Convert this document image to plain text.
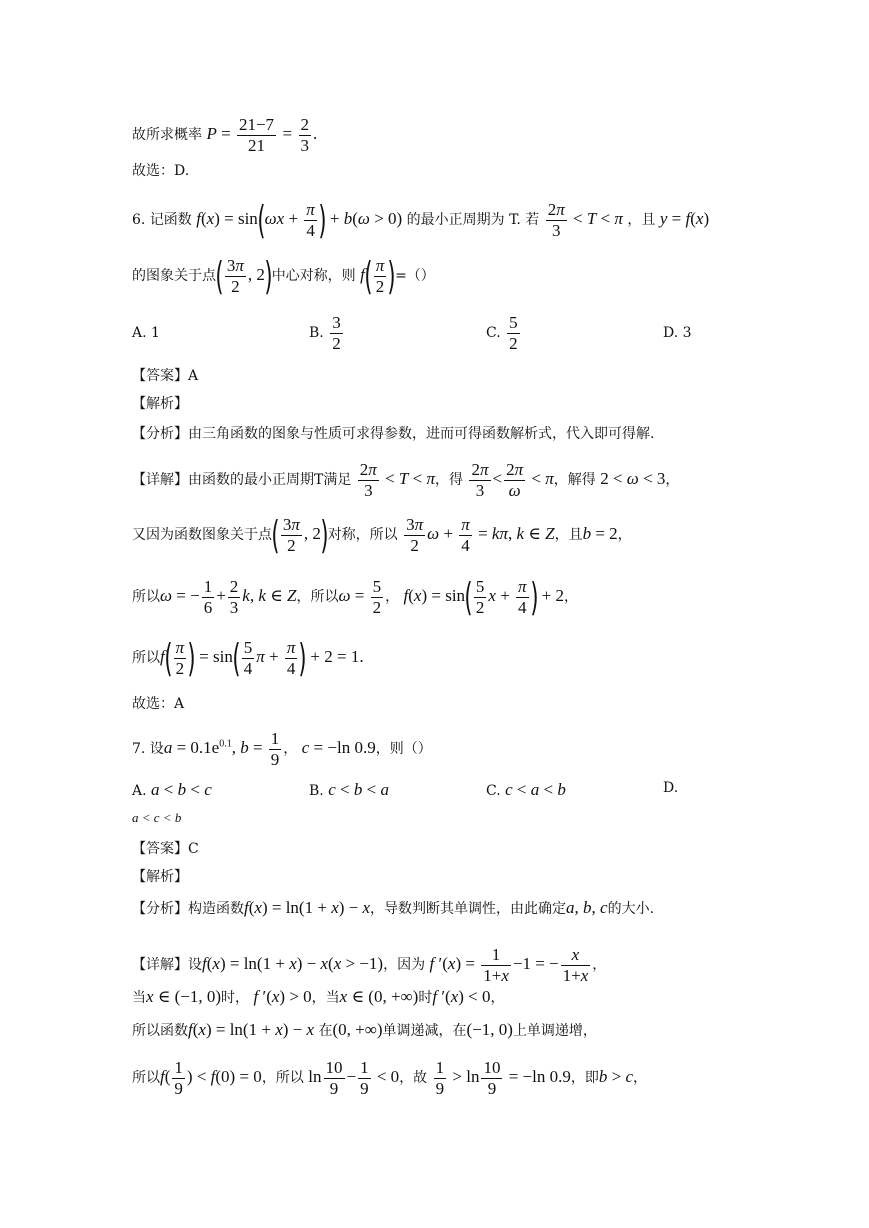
故所求概率 $P = \frac{21-7}{21} = \frac{2}{3}$ .
故选：D.
6. 记函数 $f(x) = \sin(\omega x + \frac{\pi}{4}$ ) + b(ω > 0) 的最小正周期为 T. 若 $\frac{2\pi}{3} < T < \pi$ ，且 y = f(x)
的图象关于点( $\frac{3\pi}{2}$ , 2)中心对称，则 $f( \frac{\pi}{2}$ )=（）
A. 1	B. $\frac{3}{2}$	C. $\frac{5}{2}$	D. 3
【答案】A
【解析】
【分析】由三角函数的图象与性质可求得参数，进而可得函数解析式，代入即可得解.
【详解】由函数的最小正周期T满足 $\frac{2\pi}{3} < T < \pi$，得 $\frac{2\pi}{3} < \frac{2\pi}{\omega} < \pi$，解得 2 < ω < 3，
又因为函数图象关于点( $\frac{3\pi}{2}$ , 2)对称，所以 $\frac{3\pi}{2}$ $\omega + \frac{\pi}{4} = k\pi$, k ∈ Z，且b = 2，
所以ω = − $\frac{1}{6} + \frac{2}{3} k$, k ∈ Z，所以$\omega = \frac{5}{2}$ ， $f(x) = \sin( \frac{5}{2}$ $x + \frac{\pi}{4}$ ) + 2，
所以$f( \frac{\pi}{2}$ ) = $\sin( \frac{5}{4}$ $\pi + \frac{\pi}{4}$ ) + 2 = 1.
故选：A
7. 设$a = 0.1e^{0.1}$, $b = \frac{1}{9}$ ， c = −ln 0.9，则（）
A. a < b < c	B. c < b < a	C. c < a < b	D.
a < c < b
【答案】C
【解析】
【分析】构造函数f(x) = ln(1 + x) − x，导数判断其单调性，由此确定a, b, c的大小.
【详解】设f(x) = ln(1 + x) − x(x > −1)，因为 f $'(x) = \frac{1}{1+x} -1$ = − $\frac{x}{1+x}$ ，
当x ∈ (−1, 0)时， f ′(x) > 0，当x ∈ (0, +∞)时f ′(x) < 0，
所以函数f(x) = ln(1 + x) − x 在(0, +∞)单调递减，在(−1, 0)上单调递增，
所以$f( \frac{1}{9}$ ) < f(0) = 0，所以 $\ln \frac{10}{9} - \frac{1}{9} < 0$，故 $\frac{1}{9} > \ln \frac{10}{9} = -\ln$ 0.9，即b > c，
